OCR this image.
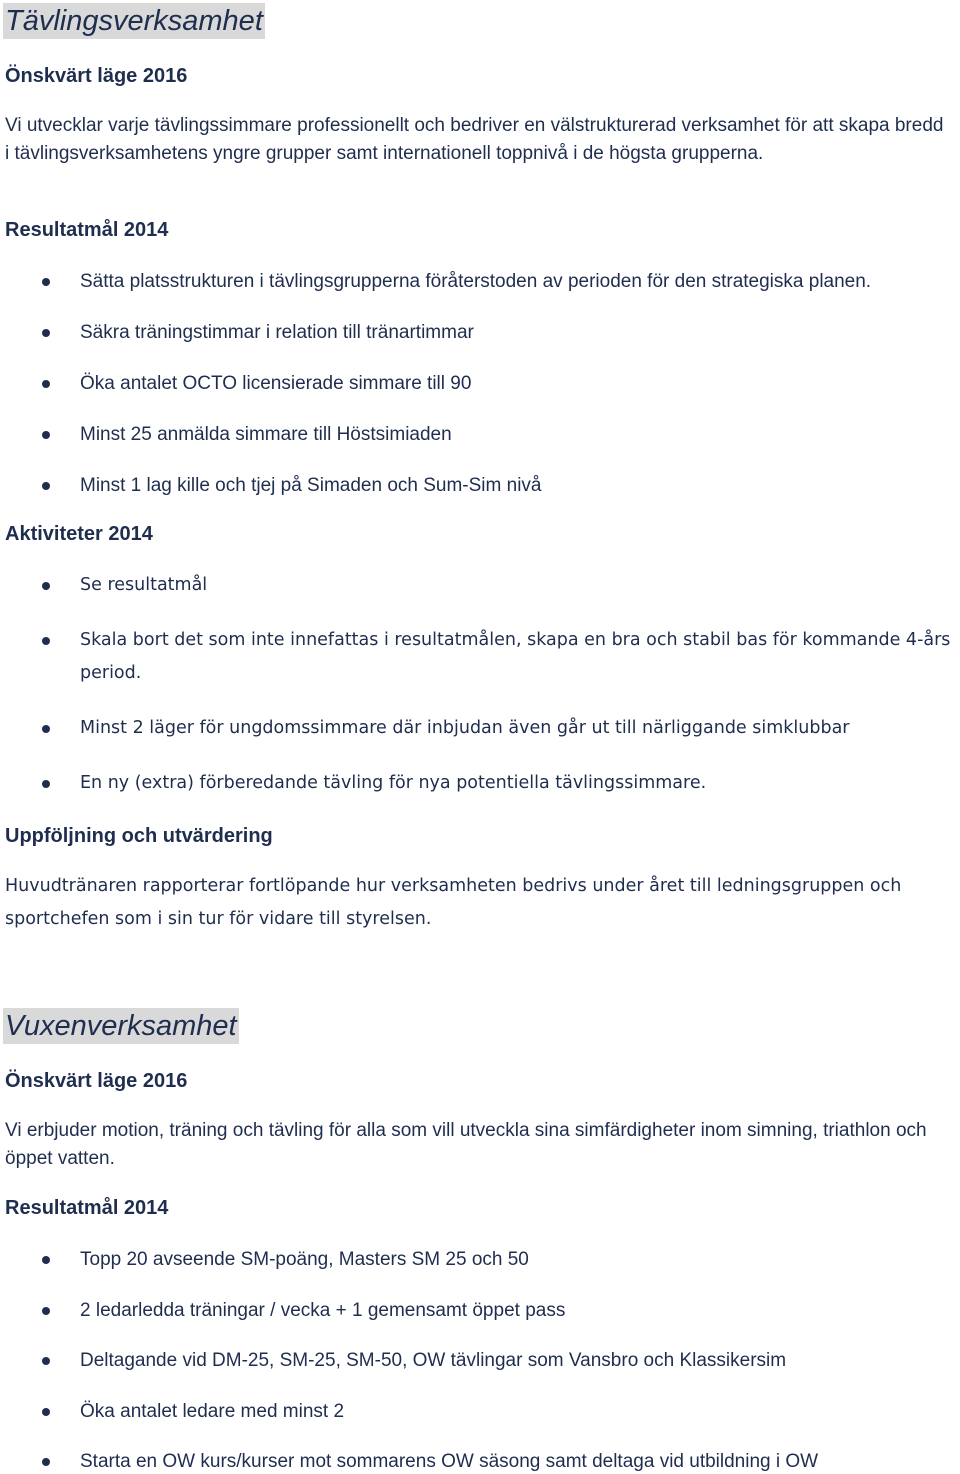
Tävlingsverksamhet
Önskvärt läge 2016
Vi utvecklar varje tävlingssimmare professionellt och bedriver en välstrukturerad verksamhet för att skapa bredd i tävlingsverksamhetens yngre grupper samt internationell toppnivå i de högsta grupperna.
Resultatmål 2014
Sätta platsstrukturen i tävlingsgrupperna föråterstoden av perioden för den strategiska planen.
Säkra träningstimmar i relation till tränartimmar
Öka antalet OCTO licensierade simmare till 90
Minst 25 anmälda simmare till Höstsimiaden
Minst 1 lag kille och tjej på Simaden och Sum-Sim nivå
Aktiviteter 2014
Se resultatmål
Skala bort det som inte innefattas i resultatmålen, skapa en bra och stabil bas för kommande 4-års period.
Minst 2 läger för ungdomssimmare där inbjudan även går ut till närliggande simklubbar
En ny (extra) förberedande tävling för nya potentiella tävlingssimmare.
Uppföljning och utvärdering
Huvudtränaren rapporterar fortlöpande hur verksamheten bedrivs under året till ledningsgruppen och sportchefen som i sin tur för vidare till styrelsen.
Vuxenverksamhet
Önskvärt läge 2016
Vi erbjuder motion, träning och tävling för alla som vill utveckla sina simfärdigheter inom simning, triathlon och öppet vatten.
Resultatmål 2014
Topp 20 avseende SM-poäng, Masters SM 25 och 50
2 ledarledda träningar / vecka + 1 gemensamt öppet pass
Deltagande vid DM-25, SM-25, SM-50, OW tävlingar som Vansbro och Klassikersim
Öka antalet ledare med minst 2
Starta en OW kurs/kurser mot sommarens OW säsong samt deltaga vid utbildning i OW
